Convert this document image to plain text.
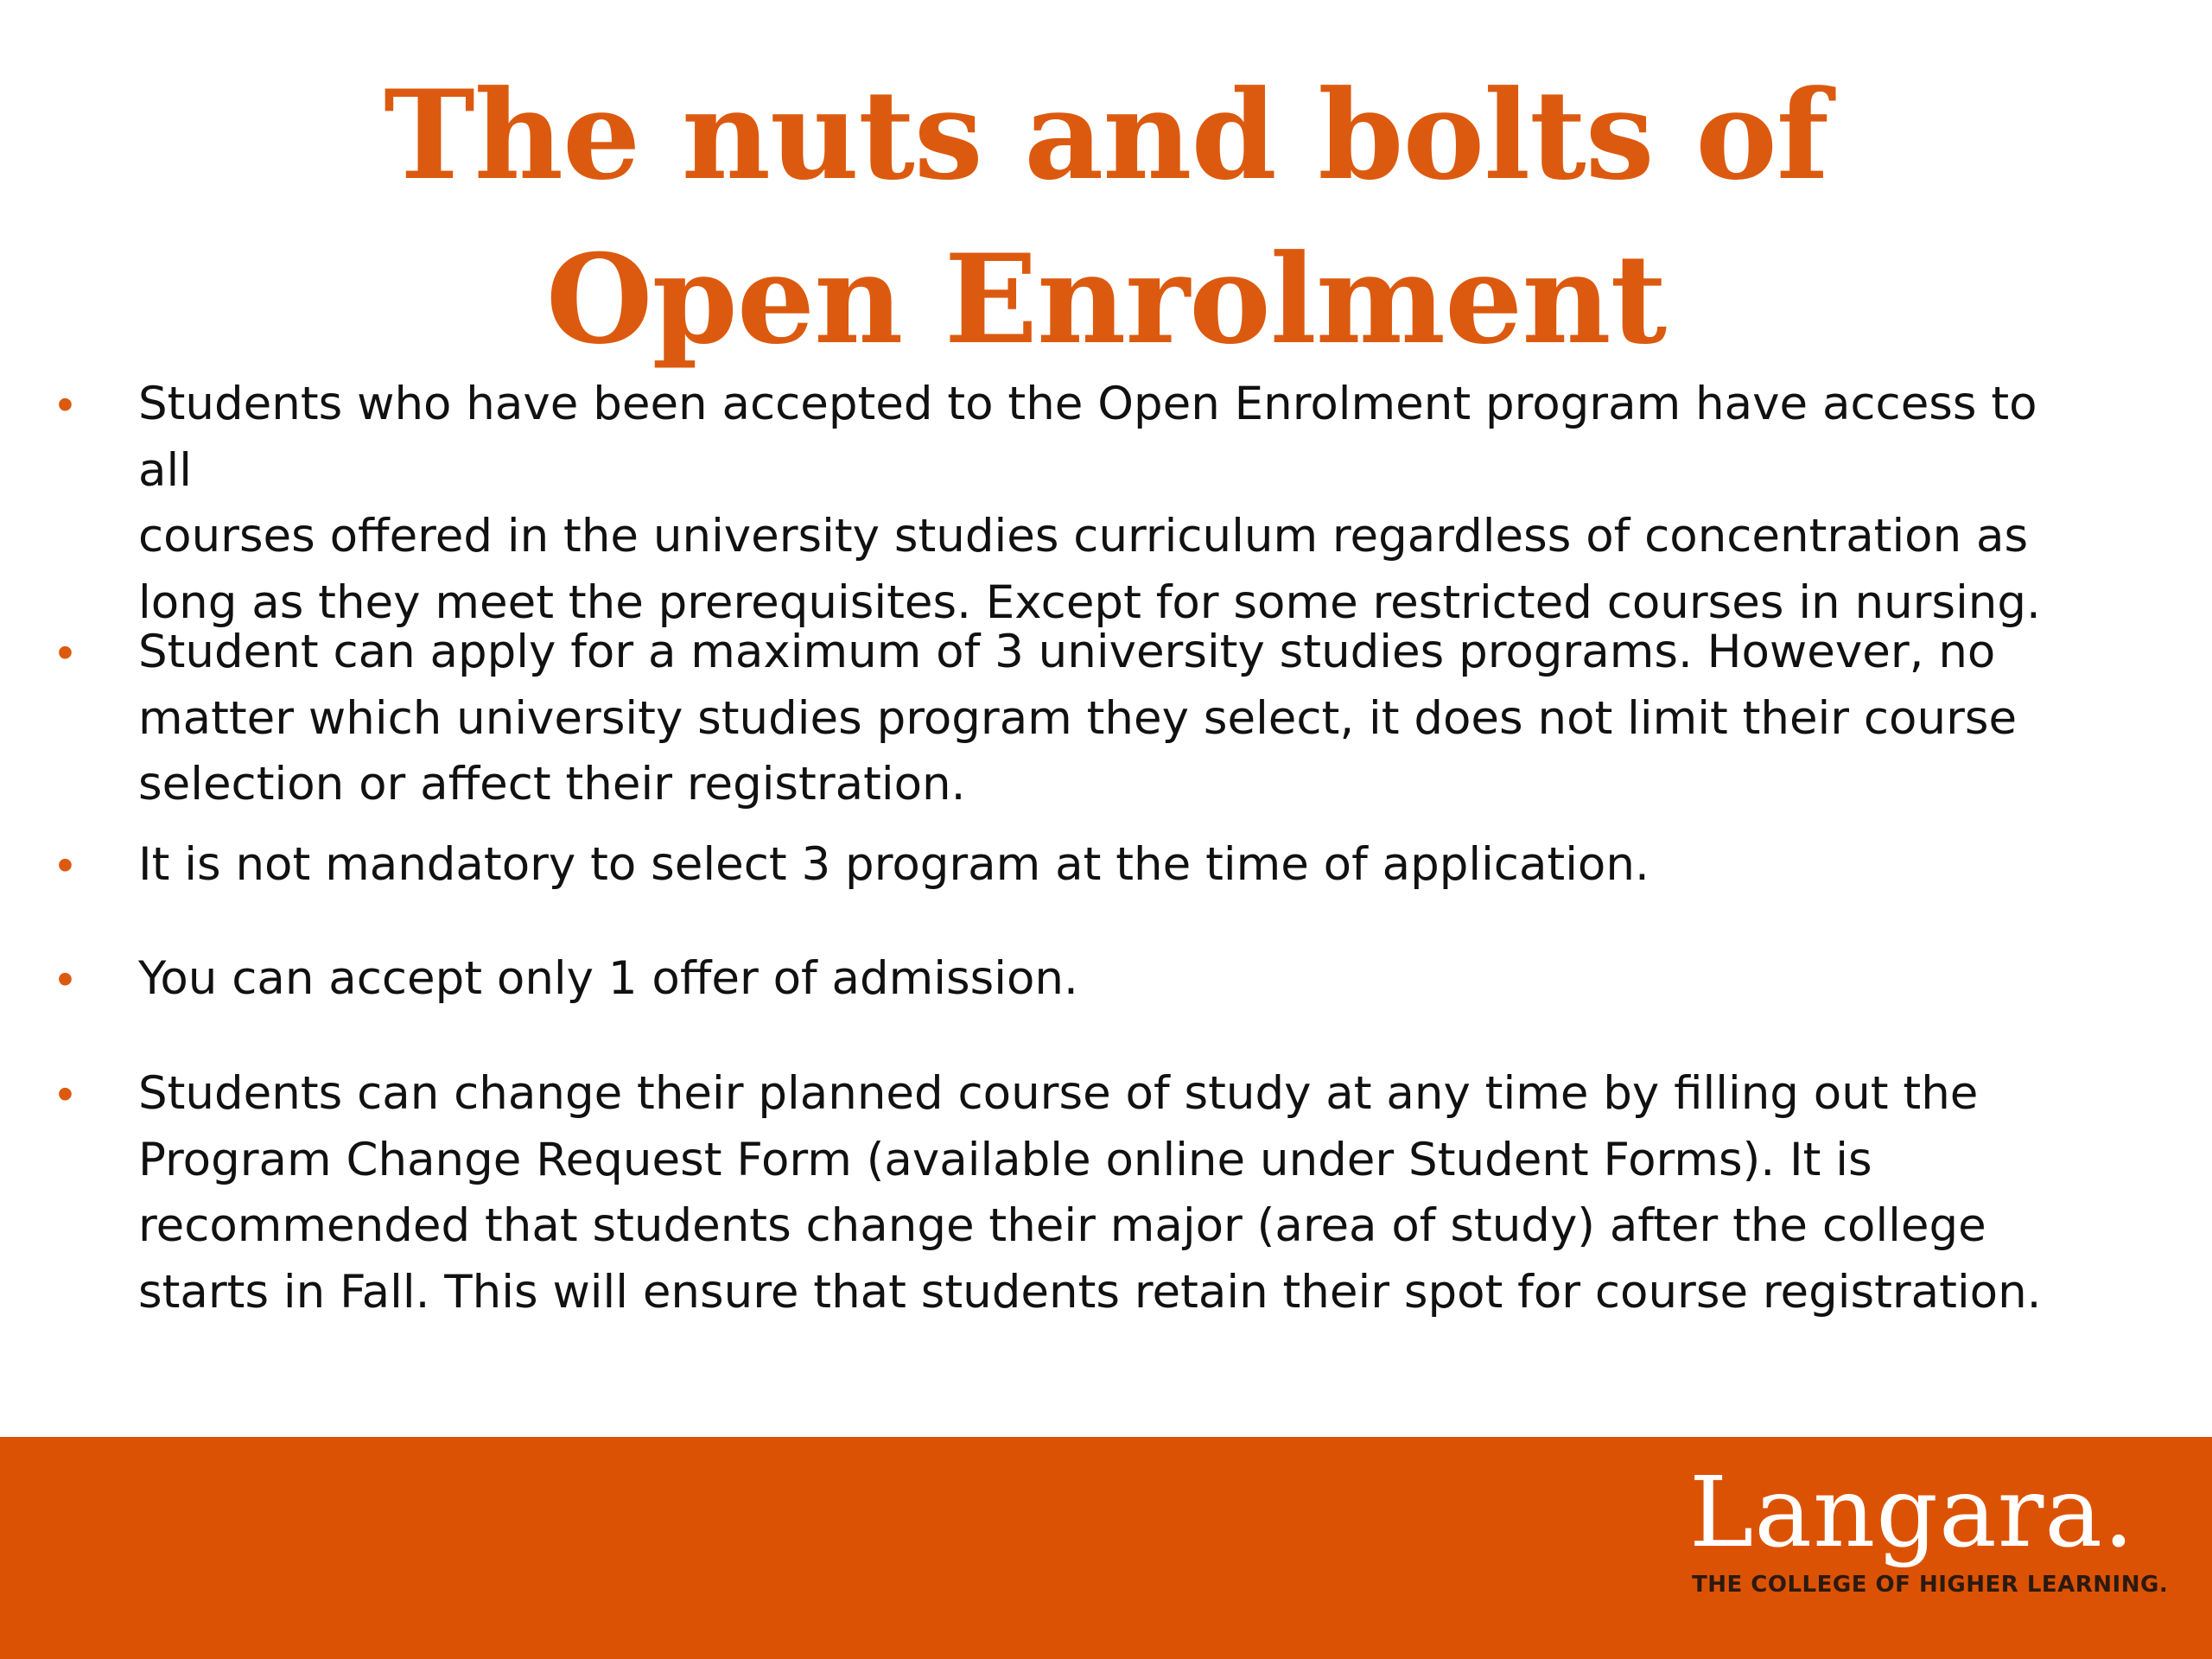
The nuts and bolts of
Open Enrolment
• Students who have been accepted to the Open Enrolment program have access to all
courses offered in the university studies curriculum regardless of concentration as
long as they meet the prerequisites. Except for some restricted courses in nursing.
• Student can apply for a maximum of 3 university studies programs. However, no
matter which university studies program they select, it does not limit their course
selection or affect their registration.
• It is not mandatory to select 3 program at the time of application.
• You can accept only 1 offer of admission.
• Students can change their planned course of study at any time by filling out the
Program Change Request Form (available online under Student Forms). It is
recommended that students change their major (area of study) after the college
starts in Fall. This will ensure that students retain their spot for course registration.
Langara.
THE COLLEGE OF HIGHER LEARNING.
